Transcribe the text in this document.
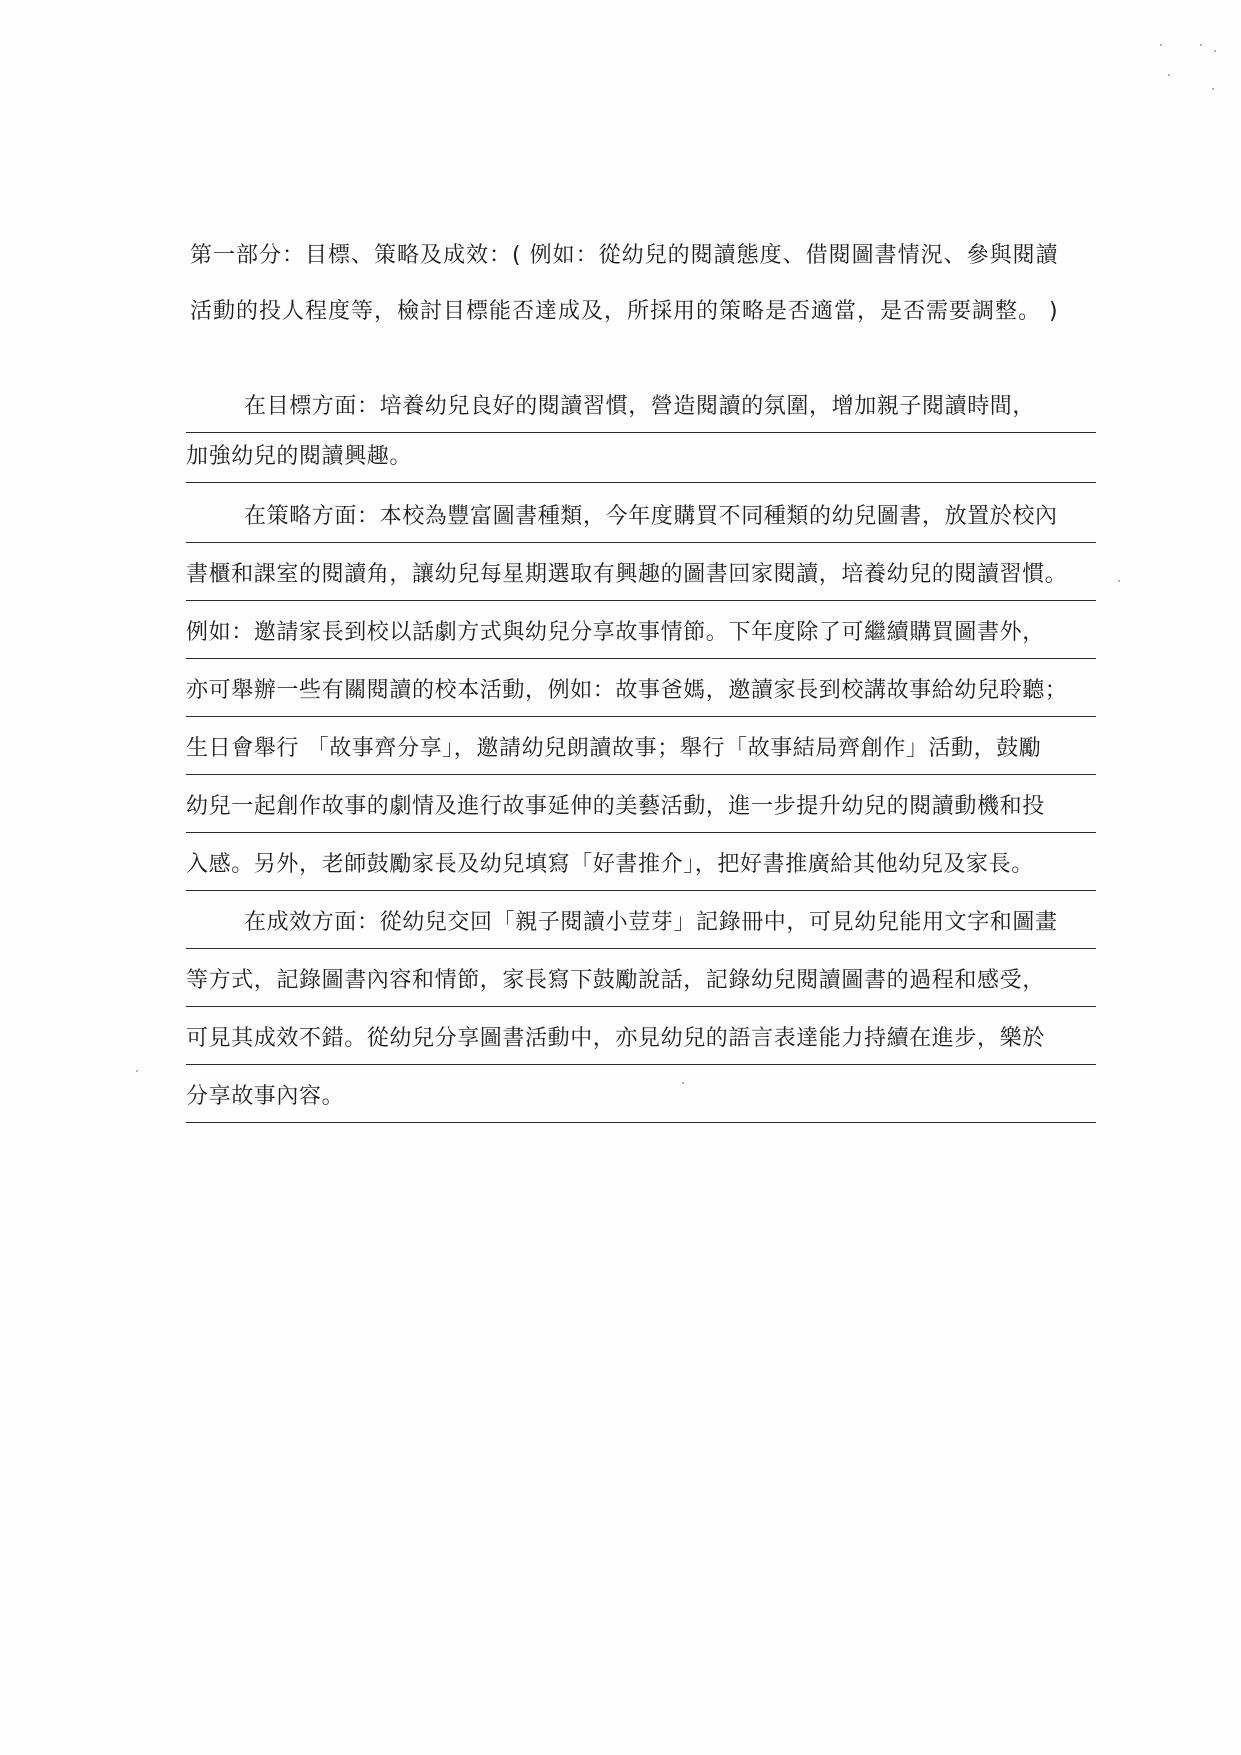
第一部分：目標、策略及成效：( 例如：從幼兒的閱讀態度、借閱圖書情況、參與閱讀
活動的投人程度等，檢討目標能否達成及，所採用的策略是否適當，是否需要調整。 )
在目標方面：培養幼兒良好的閱讀習慣，營造閱讀的氛圍，增加親子閱讀時間，
加強幼兒的閱讀興趣。
在策略方面：本校為豐富圖書種類，今年度購買不同種類的幼兒圖書，放置於校內
書櫃和課室的閱讀角，讓幼兒每星期選取有興趣的圖書回家閱讀，培養幼兒的閱讀習慣。
例如：邀請家長到校以話劇方式與幼兒分享故事情節。下年度除了可繼續購買圖書外，
亦可舉辦一些有關閱讀的校本活動，例如：故事爸媽，邀讀家長到校講故事給幼兒聆聽；
生日會舉行 「故事齊分享」，邀請幼兒朗讀故事；舉行「故事結局齊創作」活動，鼓勵
幼兒一起創作故事的劇情及進行故事延伸的美藝活動，進一步提升幼兒的閱讀動機和投
入感。另外，老師鼓勵家長及幼兒填寫「好書推介」，把好書推廣給其他幼兒及家長。
在成效方面：從幼兒交回「親子閱讀小荳芽」記錄冊中，可見幼兒能用文字和圖畫
等方式，記錄圖書內容和情節，家長寫下鼓勵說話，記錄幼兒閱讀圖書的過程和感受，
可見其成效不錯。從幼兒分享圖書活動中，亦見幼兒的語言表達能力持續在進步，樂於
分享故事內容。
